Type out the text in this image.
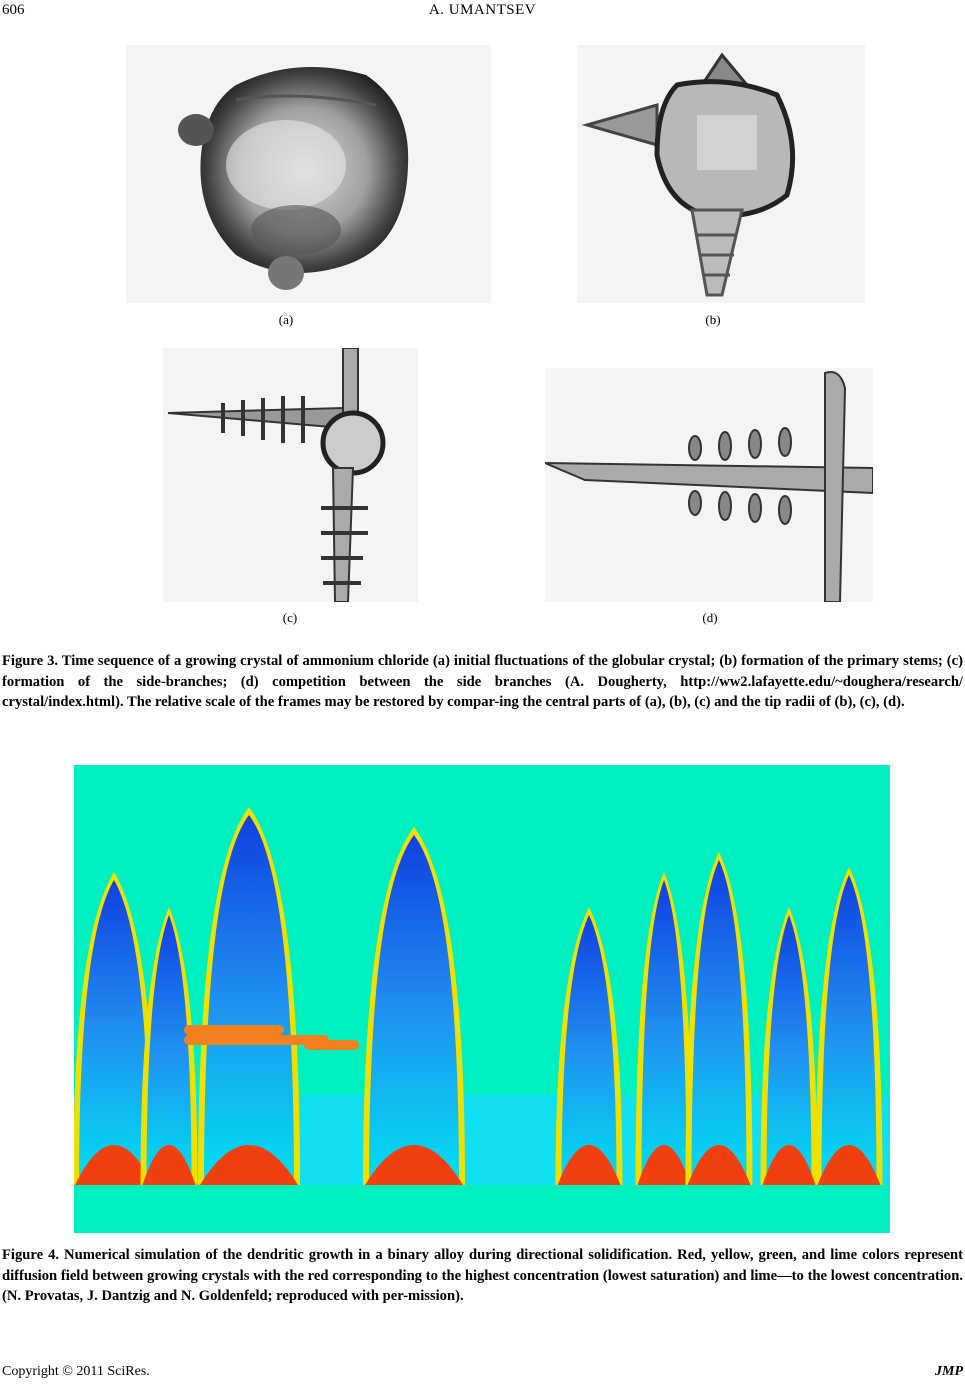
606	A. UMANTSEV
(a)	(b)
(c)	(d)

Figure 3. Time sequence of a growing crystal of ammonium chloride (a) initial fluctuations of the globular crystal; (b) formation of the primary stems; (c) formation of the side-branches; (d) competition between the side branches (A. Dougherty, http://ww2.lafayette.edu/~doughera/research/ crystal/index.html). The relative scale of the frames may be restored by compar-ing the central parts of (a), (b), (c) and the tip radii of (b), (c), (d).

Figure 4. Numerical simulation of the dendritic growth in a binary alloy during directional solidification. Red, yellow, green, and lime colors represent diffusion field between growing crystals with the red corresponding to the highest concentration (lowest saturation) and lime—to the lowest concentration. (N. Provatas, J. Dantzig and N. Goldenfeld; reproduced with per-mission).

Copyright © 2011 SciRes.	JMP
